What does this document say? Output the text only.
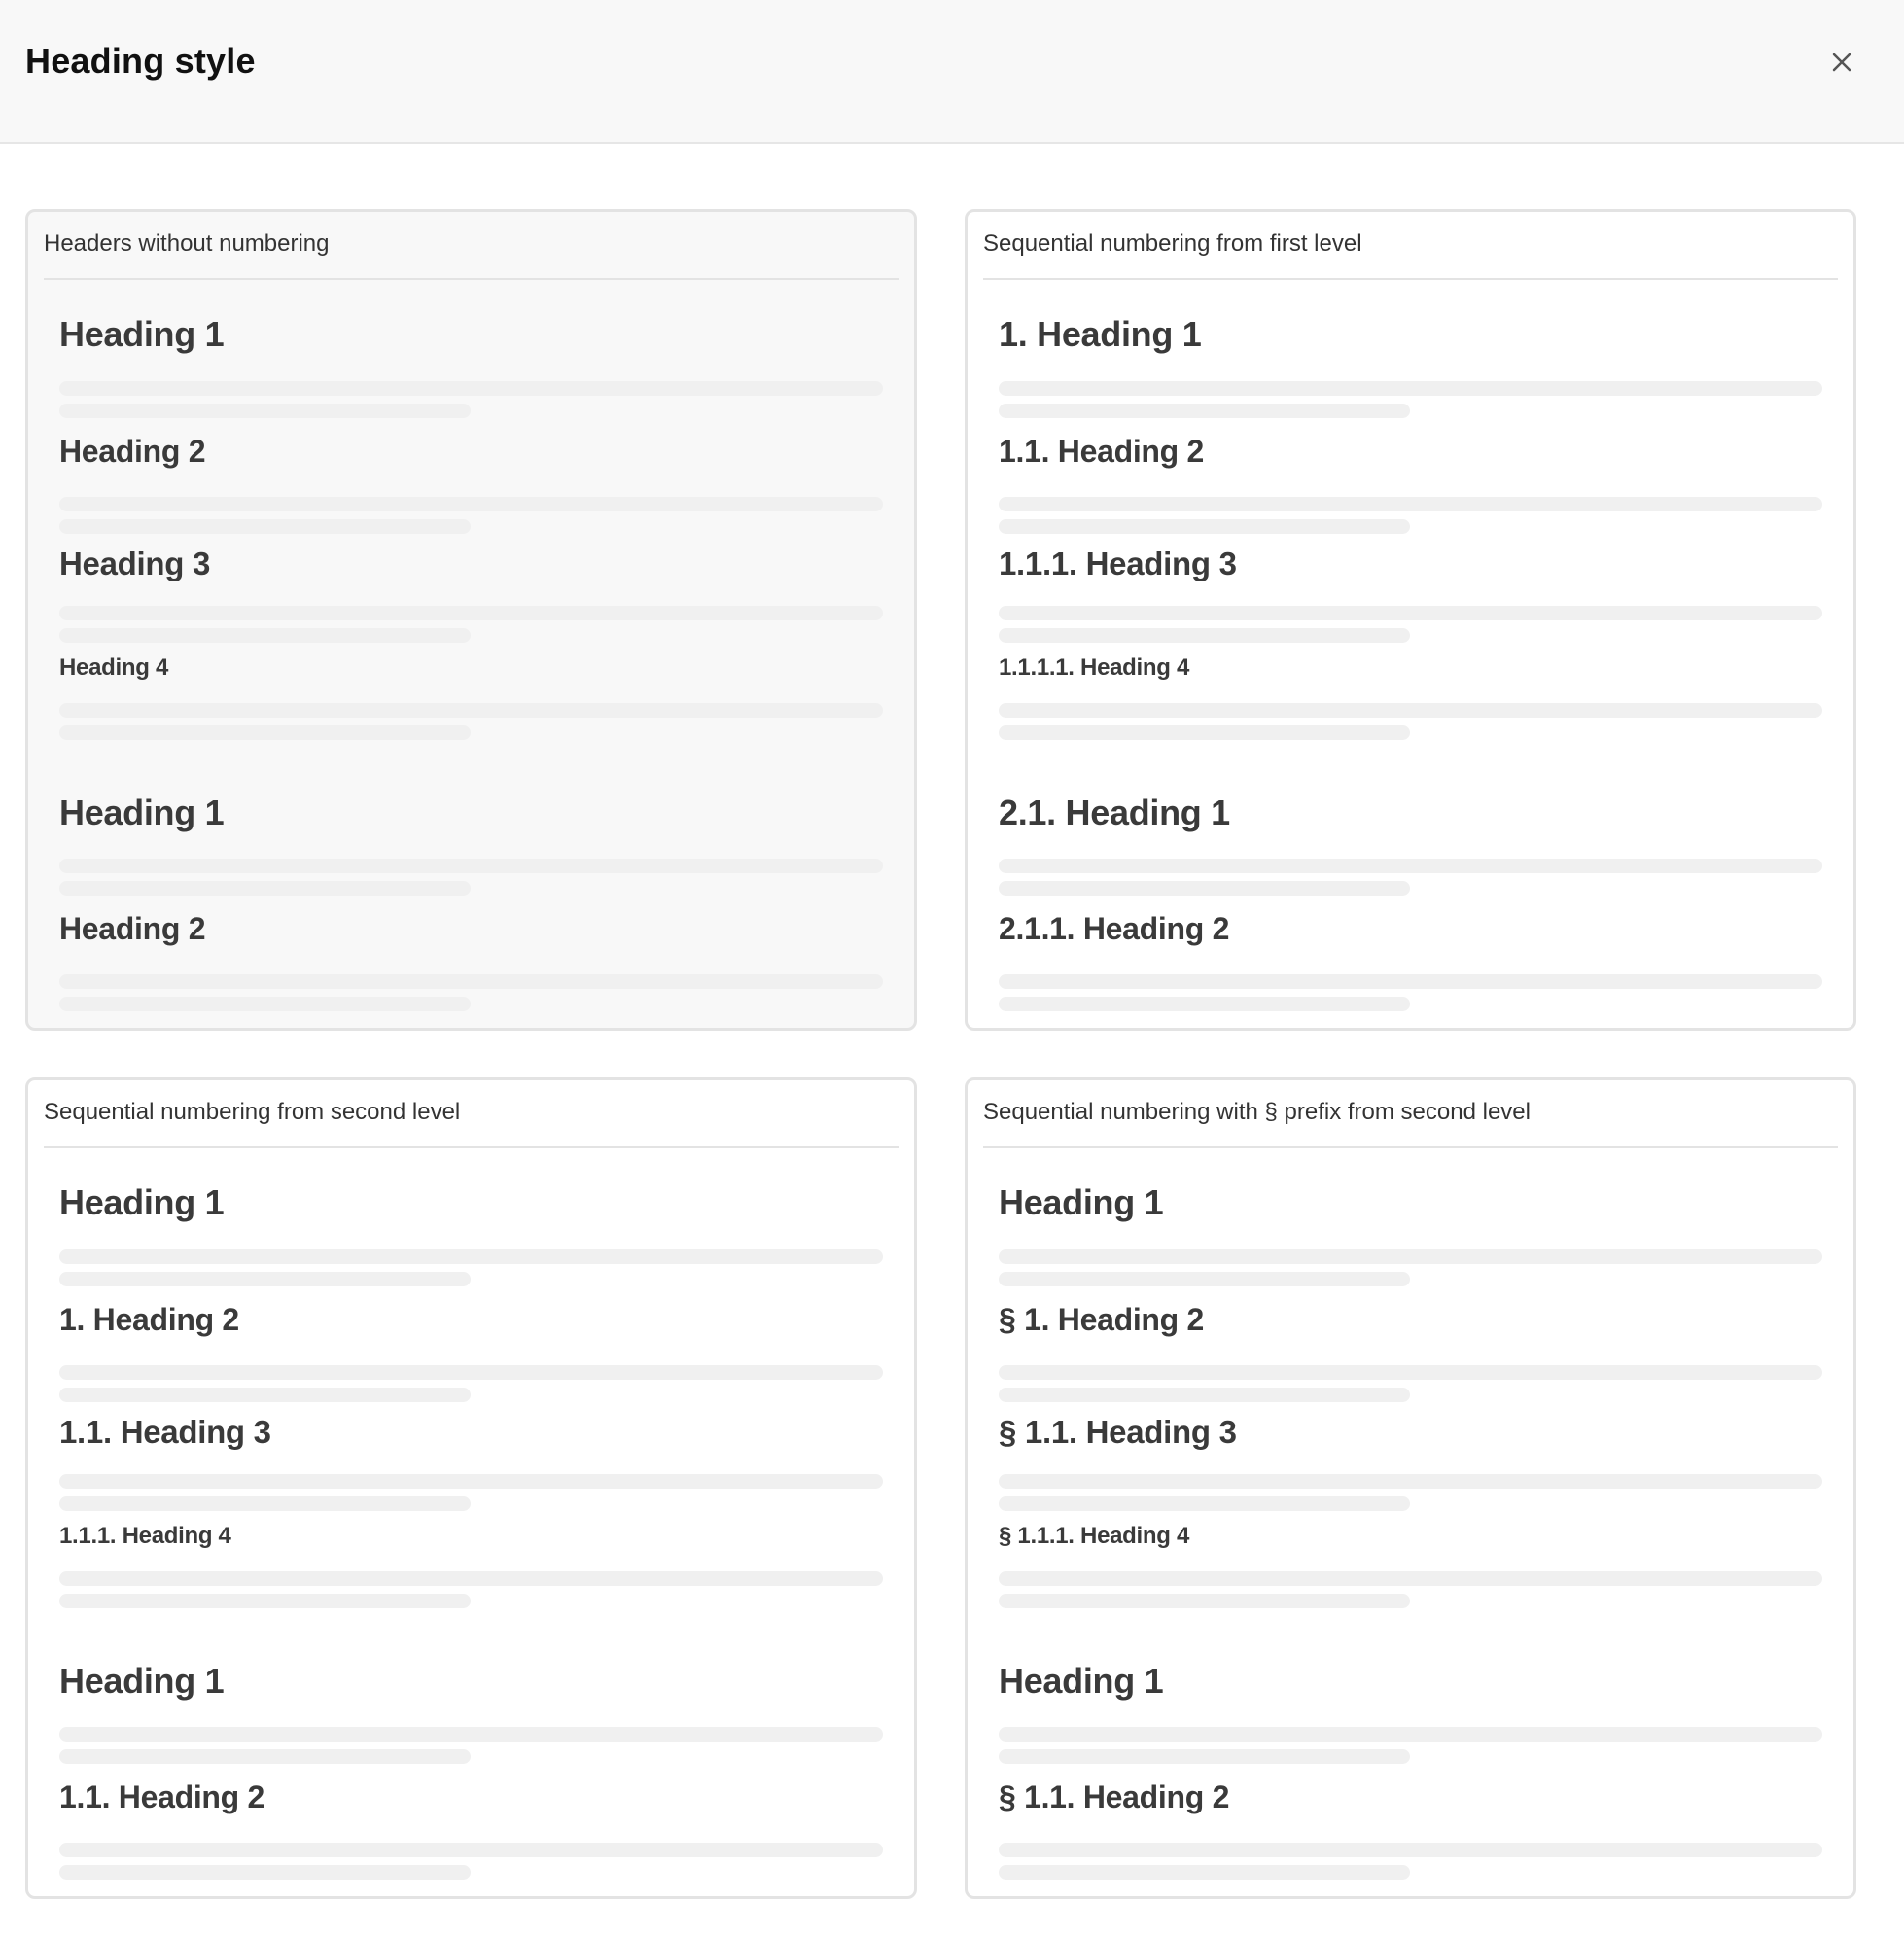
Heading style
Headers without numbering
Heading 1
Heading 2
Heading 3
Heading 4
Heading 1
Heading 2
Sequential numbering from first level
1. Heading 1
1.1. Heading 2
1.1.1. Heading 3
1.1.1.1. Heading 4
2.1. Heading 1
2.1.1. Heading 2
Sequential numbering from second level
Heading 1
1. Heading 2
1.1. Heading 3
1.1.1. Heading 4
Heading 1
1.1. Heading 2
Sequential numbering with § prefix from second level
Heading 1
§ 1. Heading 2
§ 1.1. Heading 3
§ 1.1.1. Heading 4
Heading 1
§ 1.1. Heading 2
